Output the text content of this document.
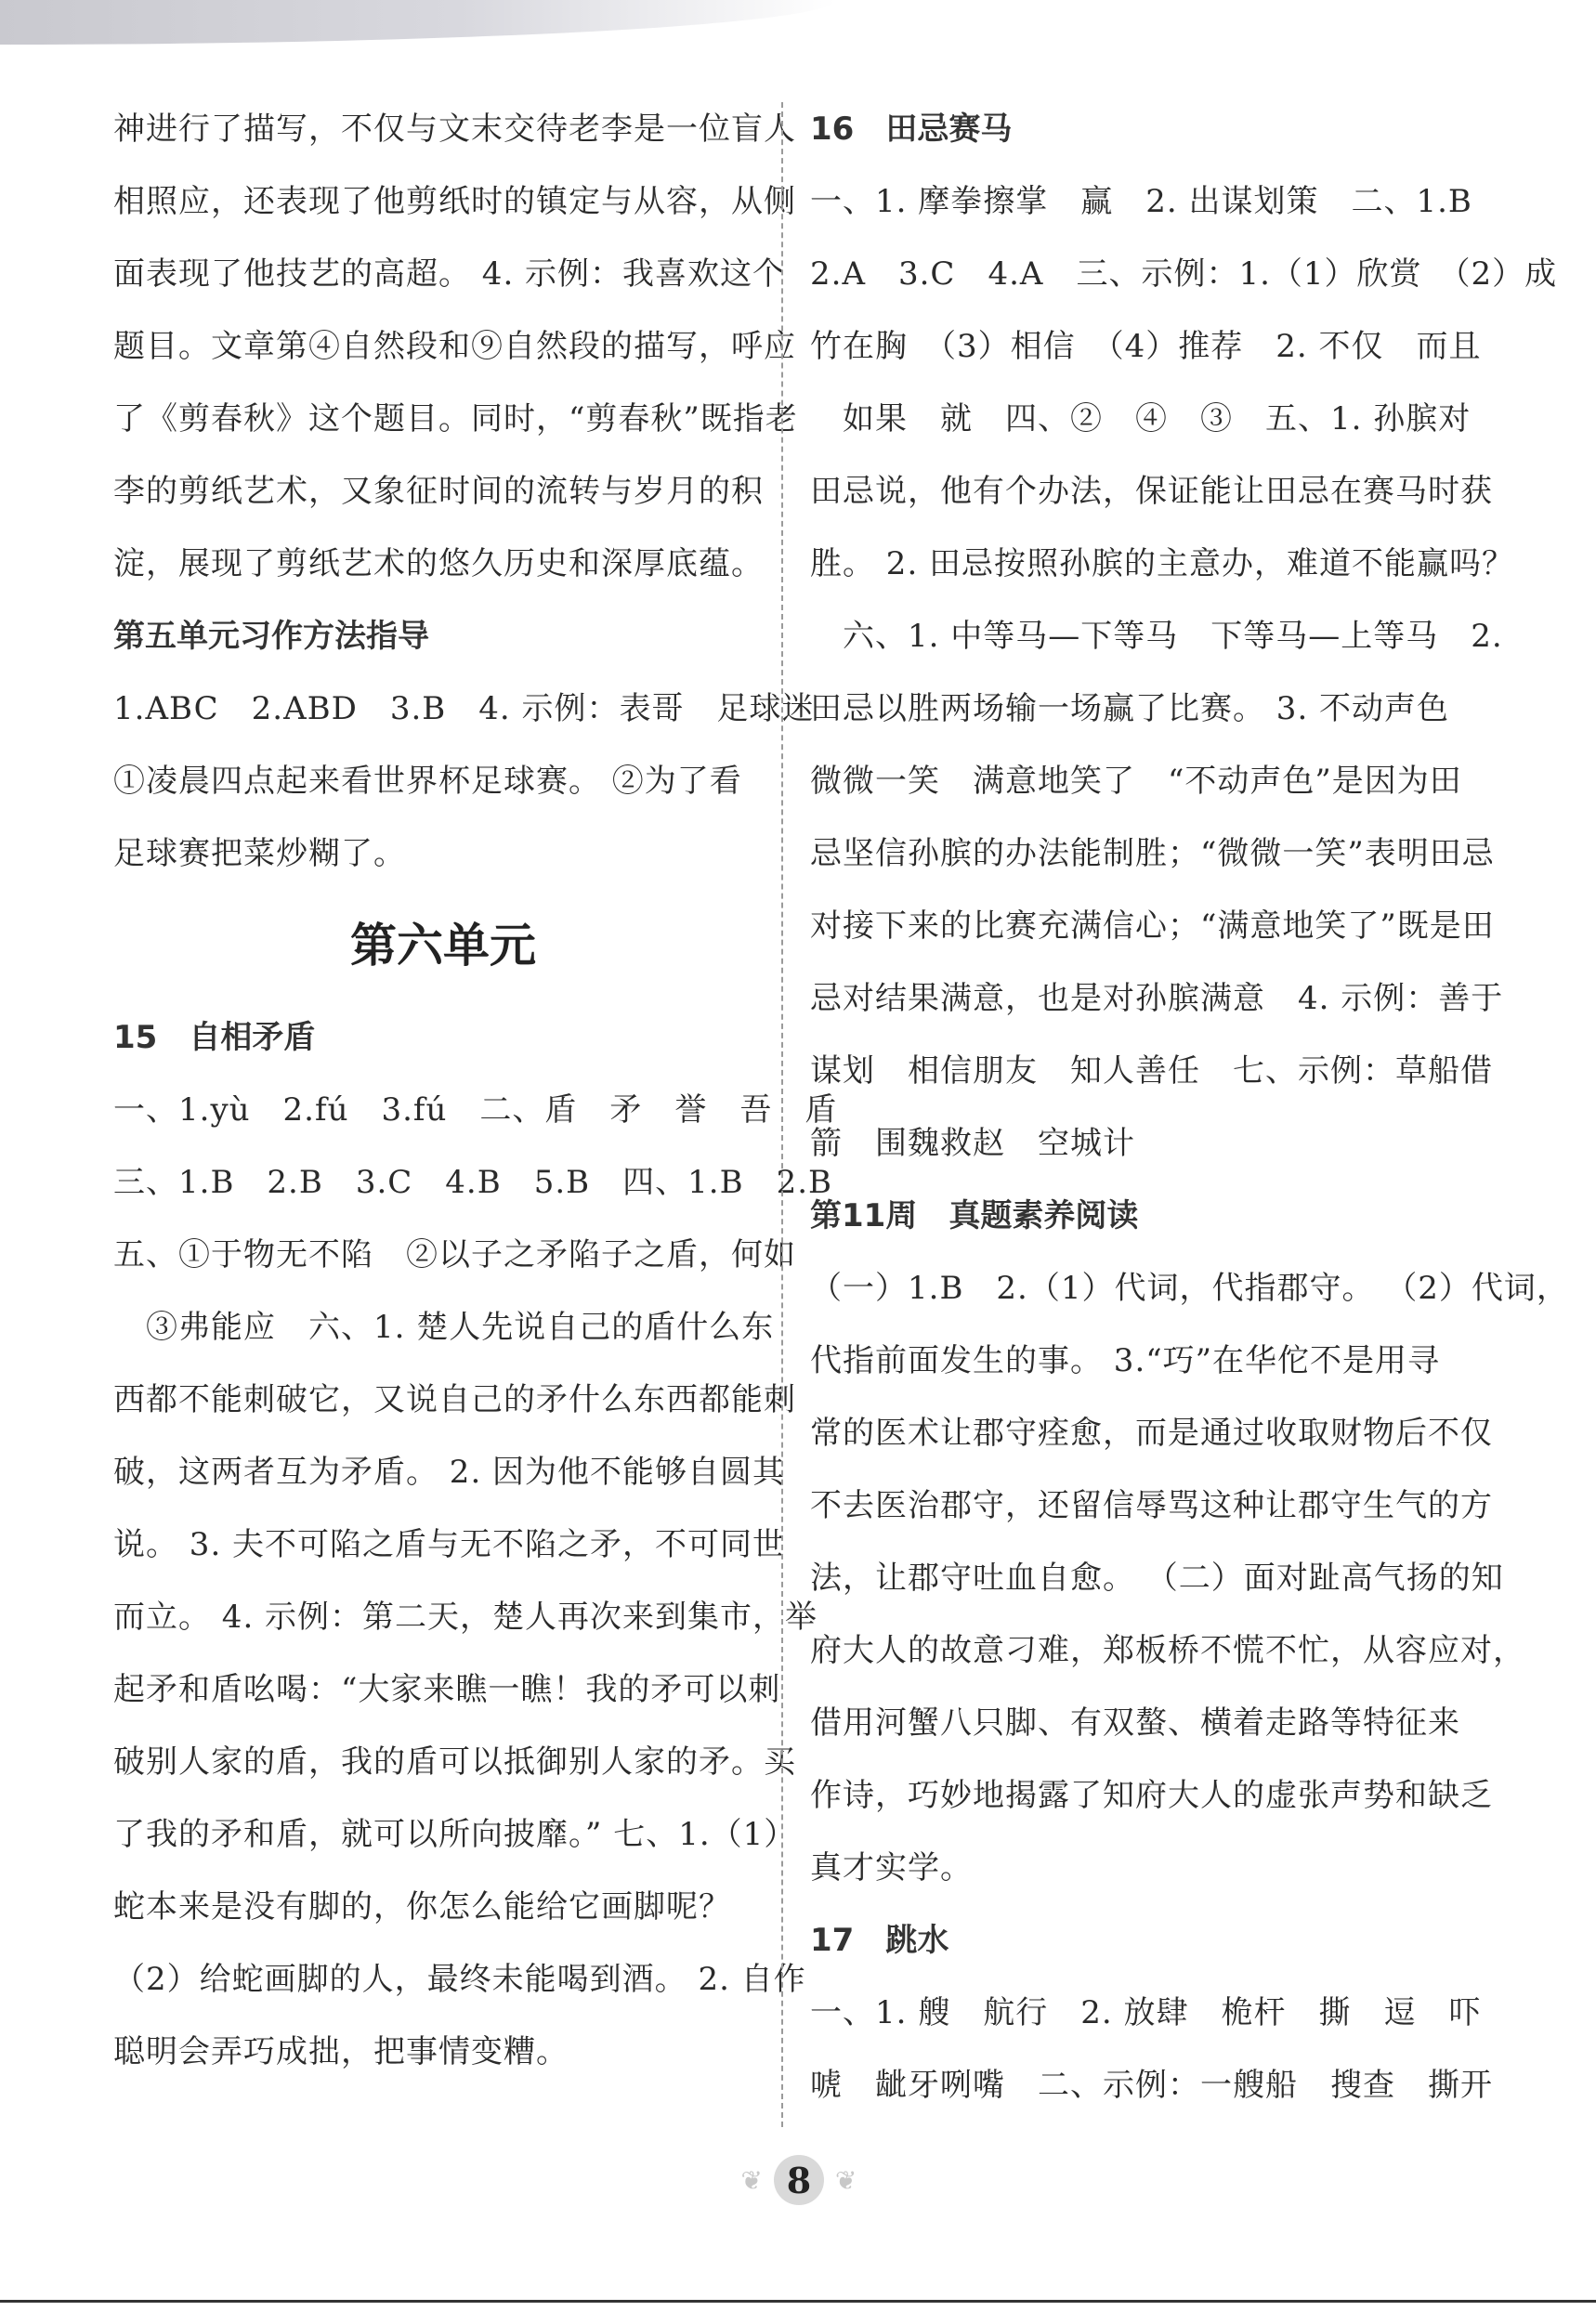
神进行了描写，不仅与文末交待老李是一位盲人
相照应，还表现了他剪纸时的镇定与从容，从侧
面表现了他技艺的高超。 4. 示例：我喜欢这个
题目。文章第④自然段和⑨自然段的描写，呼应
了《剪春秋》这个题目。同时，“剪春秋”既指老
李的剪纸艺术，又象征时间的流转与岁月的积
淀，展现了剪纸艺术的悠久历史和深厚底蕴。
第五单元习作方法指导
1.ABC　2.ABD　3.B　4. 示例：表哥　足球迷
①凌晨四点起来看世界杯足球赛。 ②为了看
足球赛把菜炒糊了。
第六单元
15　自相矛盾
一、1.yù　2.fú　3.fú　二、盾　矛　誉　吾　盾
三、1.B　2.B　3.C　4.B　5.B　四、1.B　2.B
五、①于物无不陷　②以子之矛陷子之盾，何如
　③弗能应　六、1. 楚人先说自己的盾什么东
西都不能刺破它，又说自己的矛什么东西都能刺
破，这两者互为矛盾。 2. 因为他不能够自圆其
说。 3. 夫不可陷之盾与无不陷之矛，不可同世
而立。 4. 示例：第二天，楚人再次来到集市，举
起矛和盾吆喝：“大家来瞧一瞧！我的矛可以刺
破别人家的盾，我的盾可以抵御别人家的矛。买
了我的矛和盾，就可以所向披靡。” 七、1.（1）
蛇本来是没有脚的，你怎么能给它画脚呢？
（2）给蛇画脚的人，最终未能喝到酒。 2. 自作
聪明会弄巧成拙，把事情变糟。
16　田忌赛马
一、1. 摩拳擦掌　赢　2. 出谋划策　二、1.B
2.A　3.C　4.A　三、示例：1.（1）欣赏　（2）成
竹在胸　（3）相信　（4）推荐　2. 不仅　而且
　如果　就　四、②　④　③　五、1. 孙膑对
田忌说，他有个办法，保证能让田忌在赛马时获
胜。 2. 田忌按照孙膑的主意办，难道不能赢吗？
　六、1. 中等马—下等马　下等马—上等马　2.
田忌以胜两场输一场赢了比赛。 3. 不动声色
微微一笑　满意地笑了　“不动声色”是因为田
忌坚信孙膑的办法能制胜；“微微一笑”表明田忌
对接下来的比赛充满信心；“满意地笑了”既是田
忌对结果满意，也是对孙膑满意　4. 示例：善于
谋划　相信朋友　知人善任　七、示例：草船借
箭　围魏救赵　空城计
第11周　真题素养阅读
（一）1.B　2.（1）代词，代指郡守。 （2）代词，
代指前面发生的事。 3.“巧”在华佗不是用寻
常的医术让郡守痊愈，而是通过收取财物后不仅
不去医治郡守，还留信辱骂这种让郡守生气的方
法，让郡守吐血自愈。 （二）面对趾高气扬的知
府大人的故意刁难，郑板桥不慌不忙，从容应对，
借用河蟹八只脚、有双螯、横着走路等特征来
作诗，巧妙地揭露了知府大人的虚张声势和缺乏
真才实学。
17　跳水
一、1. 艘　航行　2. 放肆　桅杆　撕　逗　吓
唬　龇牙咧嘴　二、示例：一艘船　搜查　撕开
❦ 8 ❦
